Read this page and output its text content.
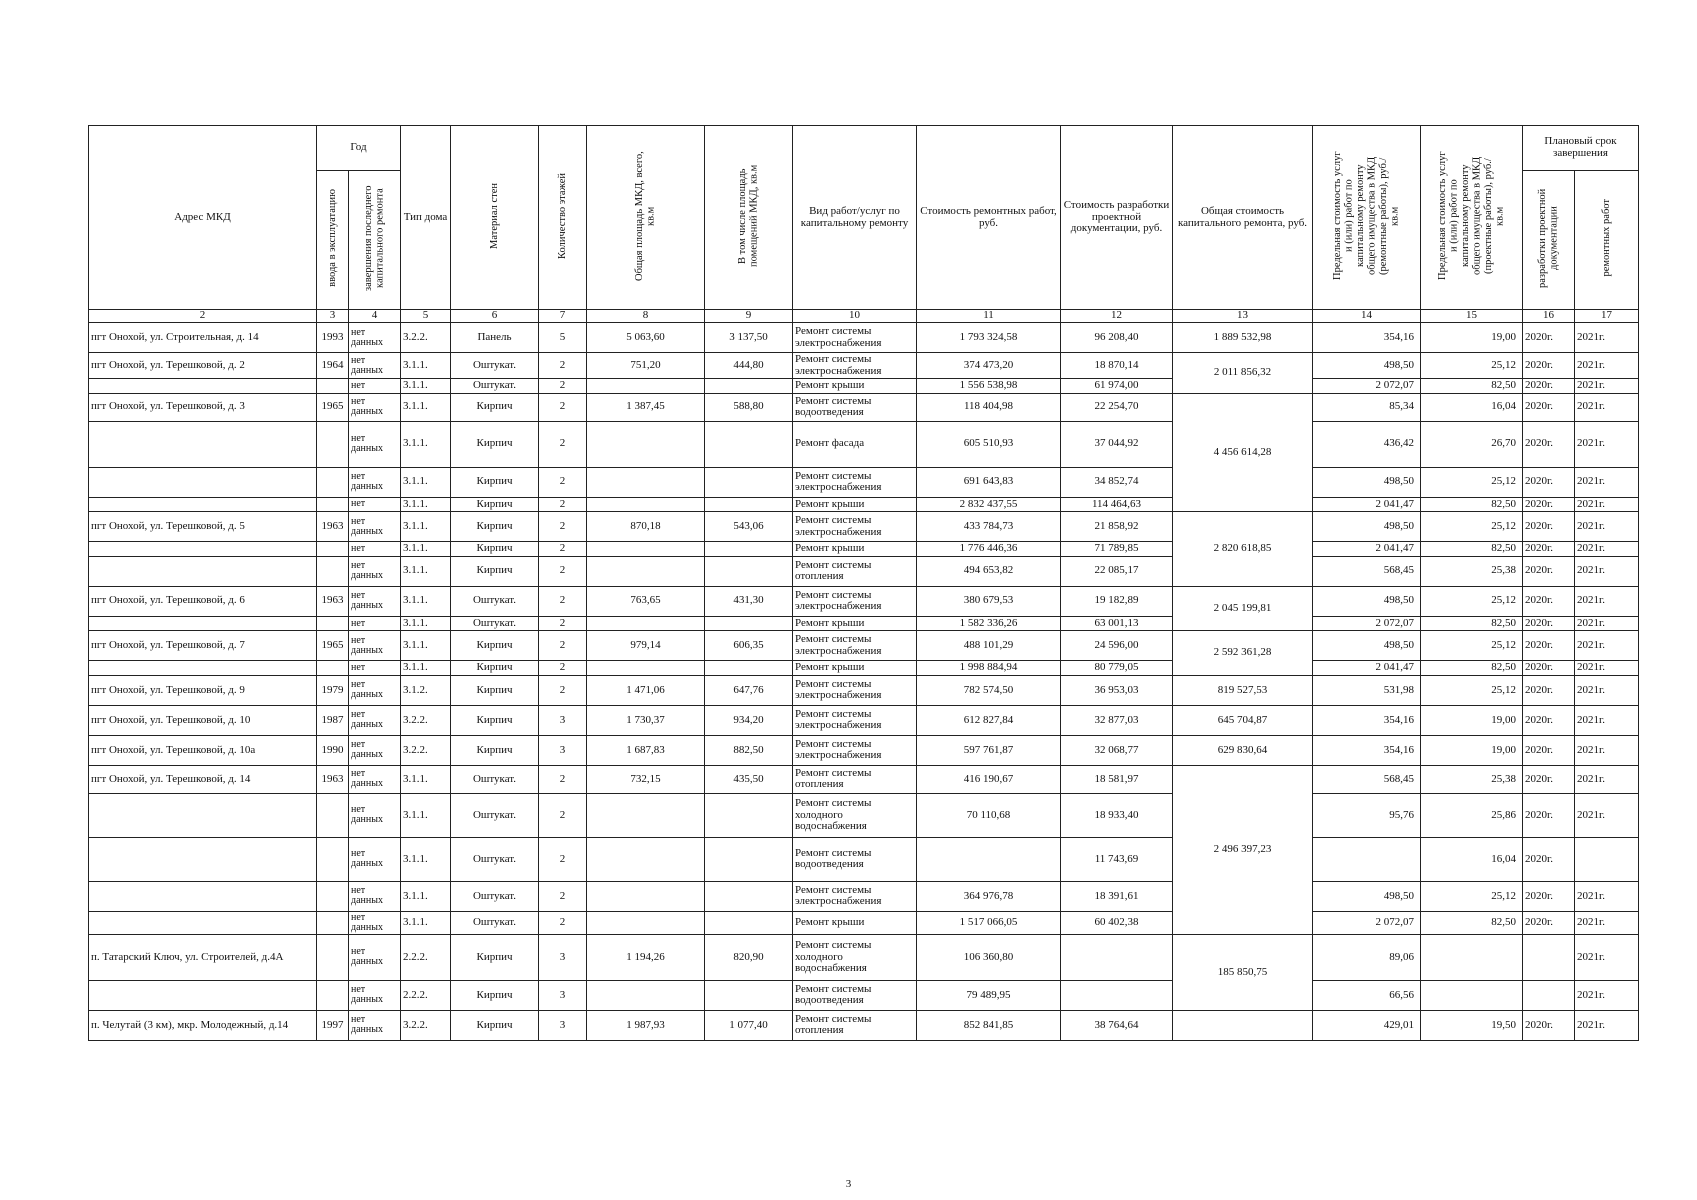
Адрес МКД	Год		Тип дома	Материал стен	Количество этажей	Общая площадь МКД, всего, кв.м	В том числе площадь помещений МКД, кв.м	Вид работ/услуг по капитальному ремонту	Стоимость ремонтных работ, руб.	Стоимость разработки проектной документации, руб.	Общая стоимость капитального ремонта, руб.	Предельная стоимость услуг и (или) работ по капитальному ремонту общего имущества в МКД (ремонтные работы), руб./кв.м	Предельная стоимость услуг и (или) работ по капитальному ремонту общего имущества в МКД (проектные работы), руб./кв.м	Плановый срок завершения	
	ввода в эксплуатацию	завершения последнего капитального ремонта												разработки проектной документации	ремонтных работ
2	3	4	5	6	7	8	9	10	11	12	13	14	15	16	17
пгт Онохой, ул. Строительная, д. 14	1993	нет данных	3.2.2.	Панель	5	5 063,60	3 137,50	Ремонт системы электроснабжения	1 793 324,58	96 208,40	1 889 532,98	354,16	19,00	2020г.	2021г.
пгт Онохой, ул. Терешковой, д. 2	1964	нет данных	3.1.1.	Оштукат.	2	751,20	444,80	Ремонт системы электроснабжения	374 473,20	18 870,14	2 011 856,32	498,50	25,12	2020г.	2021г.
		нет	3.1.1.	Оштукат.	2			Ремонт крыши	1 556 538,98	61 974,00		2 072,07	82,50	2020г.	2021г.
пгт Онохой, ул. Терешковой, д. 3	1965	нет данных	3.1.1.	Кирпич	2	1 387,45	588,80	Ремонт системы водоотведения	118 404,98	22 254,70	4 456 614,28	85,34	16,04	2020г.	2021г.
		нет данных	3.1.1.	Кирпич	2			Ремонт фасада	605 510,93	37 044,92		436,42	26,70	2020г.	2021г.
		нет данных	3.1.1.	Кирпич	2			Ремонт системы электроснабжения	691 643,83	34 852,74		498,50	25,12	2020г.	2021г.
		нет	3.1.1.	Кирпич	2			Ремонт крыши	2 832 437,55	114 464,63		2 041,47	82,50	2020г.	2021г.
пгт Онохой, ул. Терешковой, д. 5	1963	нет данных	3.1.1.	Кирпич	2	870,18	543,06	Ремонт системы электроснабжения	433 784,73	21 858,92	2 820 618,85	498,50	25,12	2020г.	2021г.
		нет	3.1.1.	Кирпич	2			Ремонт крыши	1 776 446,36	71 789,85		2 041,47	82,50	2020г.	2021г.
		нет данных	3.1.1.	Кирпич	2			Ремонт системы отопления	494 653,82	22 085,17		568,45	25,38	2020г.	2021г.
пгт Онохой, ул. Терешковой, д. 6	1963	нет данных	3.1.1.	Оштукат.	2	763,65	431,30	Ремонт системы электроснабжения	380 679,53	19 182,89	2 045 199,81	498,50	25,12	2020г.	2021г.
		нет	3.1.1.	Оштукат.	2			Ремонт крыши	1 582 336,26	63 001,13		2 072,07	82,50	2020г.	2021г.
пгт Онохой, ул. Терешковой, д. 7	1965	нет данных	3.1.1.	Кирпич	2	979,14	606,35	Ремонт системы электроснабжения	488 101,29	24 596,00	2 592 361,28	498,50	25,12	2020г.	2021г.
		нет	3.1.1.	Кирпич	2			Ремонт крыши	1 998 884,94	80 779,05		2 041,47	82,50	2020г.	2021г.
пгт Онохой, ул. Терешковой, д. 9	1979	нет данных	3.1.2.	Кирпич	2	1 471,06	647,76	Ремонт системы электроснабжения	782 574,50	36 953,03	819 527,53	531,98	25,12	2020г.	2021г.
пгт Онохой, ул. Терешковой, д. 10	1987	нет данных	3.2.2.	Кирпич	3	1 730,37	934,20	Ремонт системы электроснабжения	612 827,84	32 877,03	645 704,87	354,16	19,00	2020г.	2021г.
пгт Онохой, ул. Терешковой, д. 10а	1990	нет данных	3.2.2.	Кирпич	3	1 687,83	882,50	Ремонт системы электроснабжения	597 761,87	32 068,77	629 830,64	354,16	19,00	2020г.	2021г.
пгт Онохой, ул. Терешковой, д. 14	1963	нет данных	3.1.1.	Оштукат.	2	732,15	435,50	Ремонт системы отопления	416 190,67	18 581,97	2 496 397,23	568,45	25,38	2020г.	2021г.
		нет данных	3.1.1.	Оштукат.	2			Ремонт системы холодного водоснабжения	70 110,68	18 933,40		95,76	25,86	2020г.	2021г.
		нет данных	3.1.1.	Оштукат.	2			Ремонт системы водоотведения		11 743,69			16,04	2020г.	
		нет данных	3.1.1.	Оштукат.	2			Ремонт системы электроснабжения	364 976,78	18 391,61		498,50	25,12	2020г.	2021г.
		нет данных	3.1.1.	Оштукат.	2			Ремонт крыши	1 517 066,05	60 402,38		2 072,07	82,50	2020г.	2021г.
п. Татарский Ключ, ул. Строителей, д.4А		нет данных	2.2.2.	Кирпич	3	1 194,26	820,90	Ремонт системы холодного водоснабжения	106 360,80		185 850,75	89,06			2021г.
		нет данных	2.2.2.	Кирпич	3			Ремонт системы водоотведения	79 489,95			66,56			2021г.
п. Челутай (3 км), мкр. Молодежный, д.14	1997	нет данных	3.2.2.	Кирпич	3	1 987,93	1 077,40	Ремонт системы отопления	852 841,85	38 764,64		429,01	19,50	2020г.	2021г.
3
